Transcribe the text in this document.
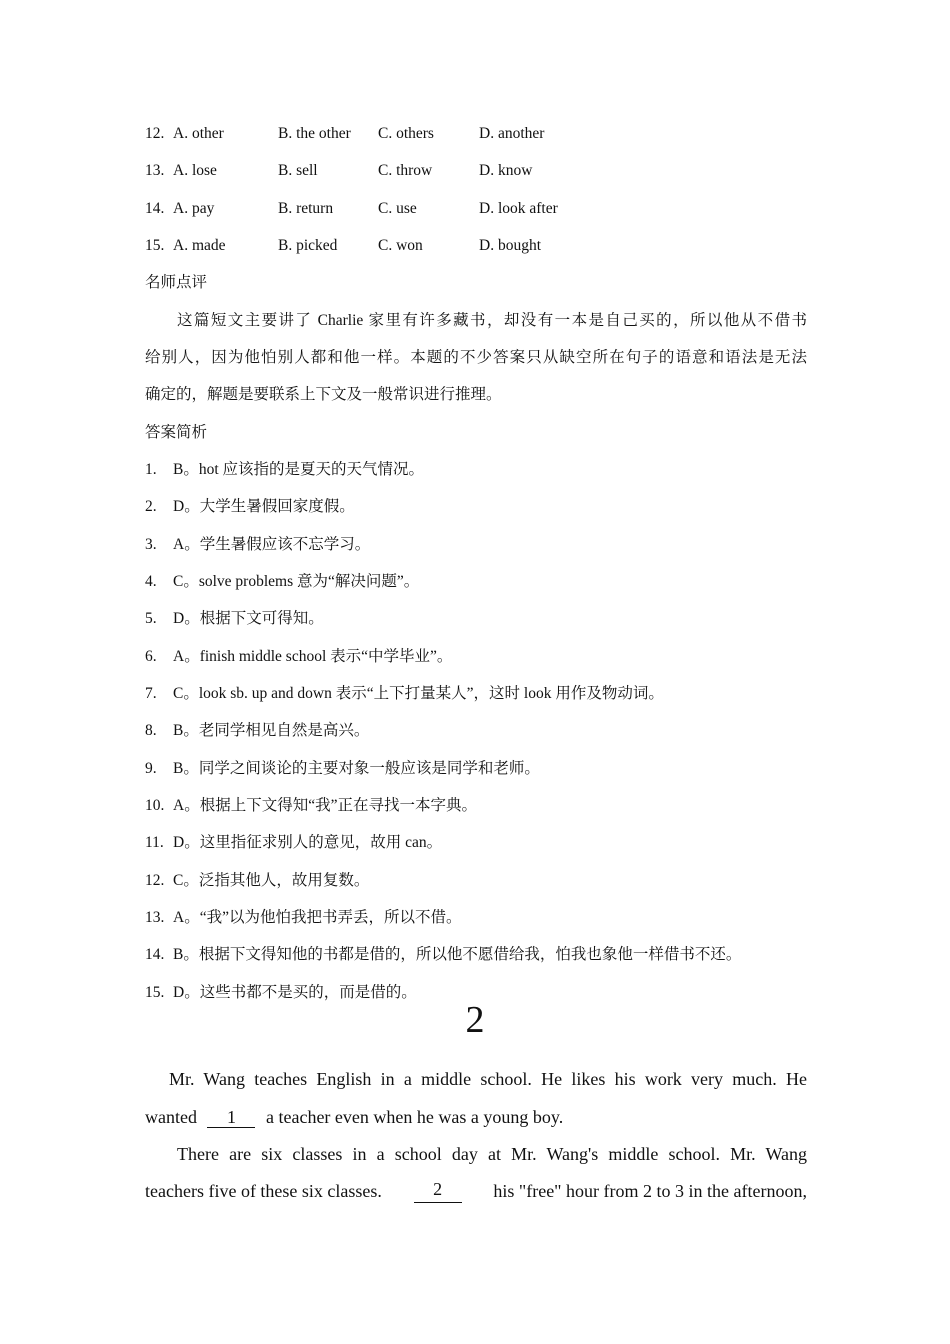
12. A. other	B. the other C. others	D. another
13. A. lose	B. sell	C. throw	D. know
14. A. pay	B. return	C. use	D. look after
15. A. made	B. picked	C. won	D. bought
名师点评
这篇短文主要讲了 Charlie 家里有许多藏书，却没有一本是自己买的，所以他从不借书
给别人，因为他怕别人都和他一样。本题的不少答案只从缺空所在句子的语意和语法是无法
确定的，解题是要联系上下文及一般常识进行推理。
答案简析
1. B。hot 应该指的是夏天的天气情况。
2. D。大学生暑假回家度假。
3. A。学生暑假应该不忘学习。
4. C。solve problems 意为“解决问题”。
5. D。根据下文可得知。
6. A。finish middle school 表示“中学毕业”。
7. C。look sb. up and down 表示“上下打量某人”，这时 look 用作及物动词。
8. B。老同学相见自然是高兴。
9. B。同学之间谈论的主要对象一般应该是同学和老师。
10. A。根据上下文得知“我”正在寻找一本字典。
11. D。这里指征求别人的意见，故用 can。
12. C。泛指其他人，故用复数。
13. A。“我”以为他怕我把书弄丢，所以不借。
14. B。根据下文得知他的书都是借的，所以他不愿借给我，怕我也象他一样借书不还。
15. D。这些书都不是买的，而是借的。
2
Mr. Wang teaches English in a middle school. He likes his work very much. He
wanted 1 a teacher even when he was a young boy.
There are six classes in a school day at Mr. Wang's middle school. Mr. Wang
teachers five of these six classes.	2	his "free" hour from 2 to 3 in the afternoon,
